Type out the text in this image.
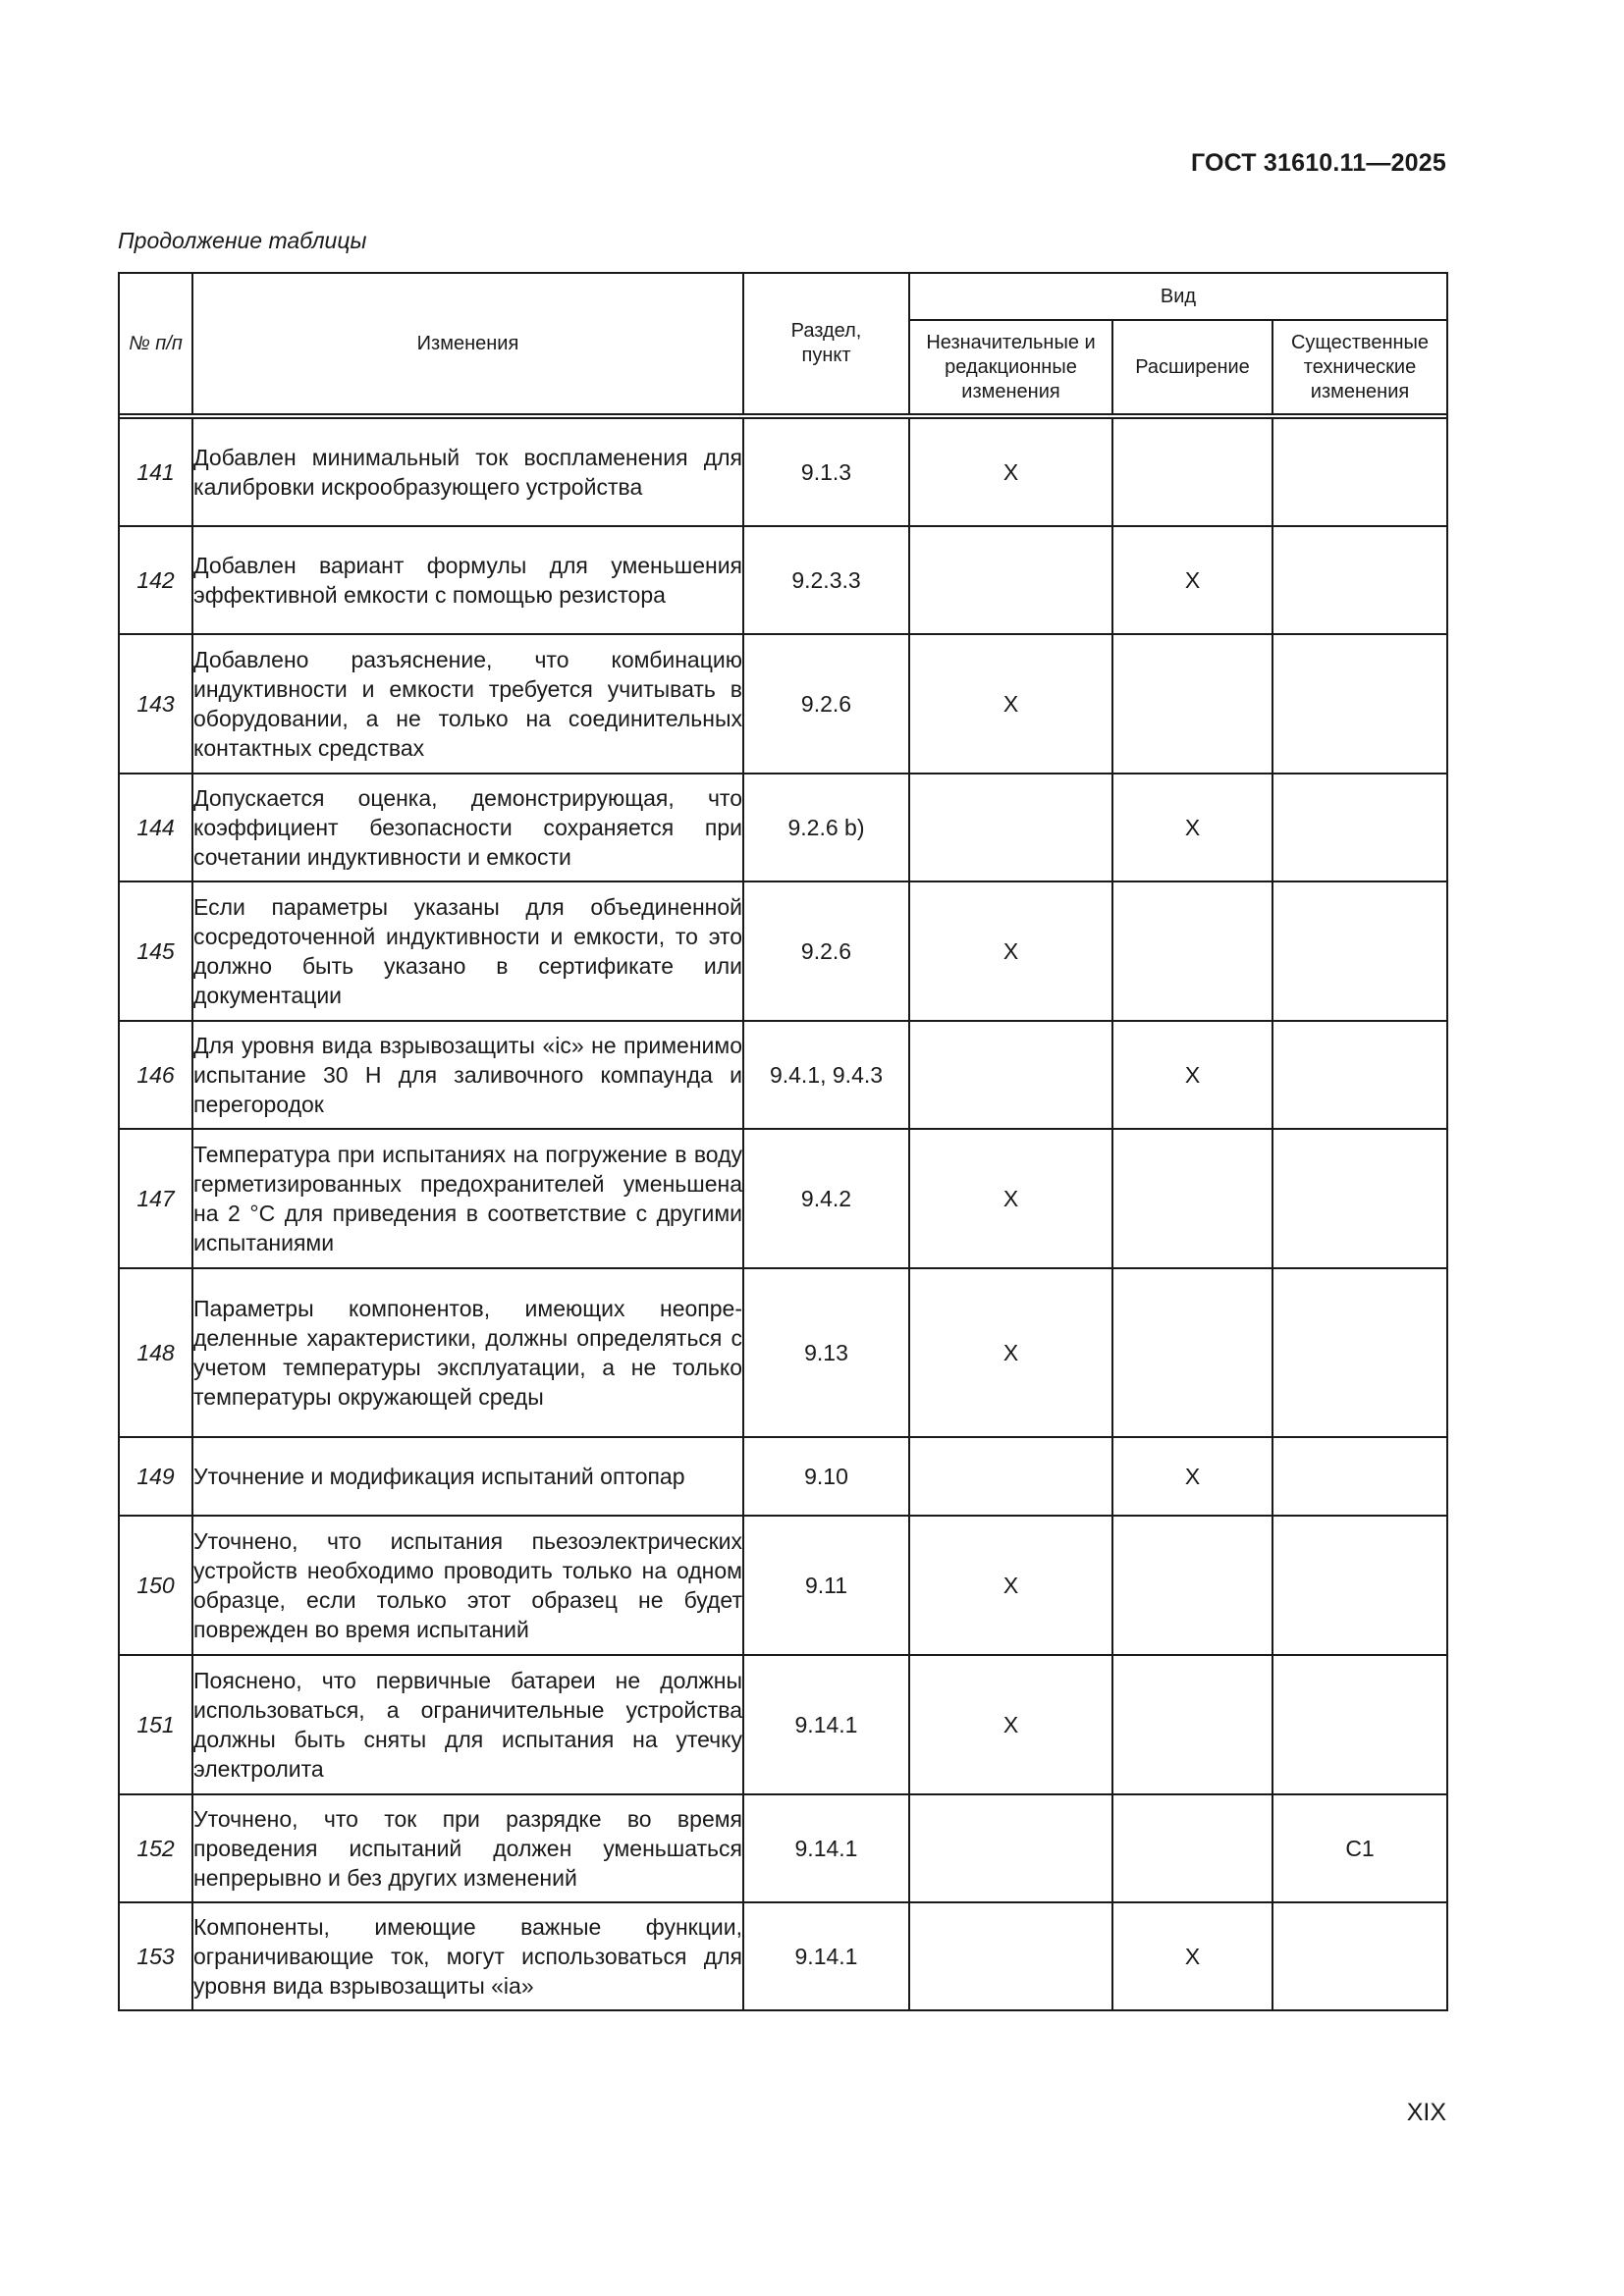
ГОСТ 31610.11—2025
Продолжение таблицы
№ п/п	Изменения	Раздел, пункт	Вид		
			Незначительные и редакционные изменения	Расширение	Существенные технические изменения

141	Добавлен минимальный ток воспламенения для калибровки искрообразующего устройства	9.1.3	X		
142	Добавлен вариант формулы для уменьшения эффективной емкости с помощью резистора	9.2.3.3		X	
143	Добавлено разъяснение, что комбинацию индуктивности и емкости требуется учитывать в оборудовании, а не только на соединительных контактных средствах	9.2.6	X		
144	Допускается оценка, демонстрирующая, что коэффициент безопасности сохраняется при сочетании индуктивности и емкости	9.2.6 b)		X	
145	Если параметры указаны для объединенной сосредоточенной индуктивности и емкости, то это должно быть указано в сертификате или документации	9.2.6	X		
146	Для уровня вида взрывозащиты «ic» не применимо испытание 30 Н для заливочного компаунда и перегородок	9.4.1, 9.4.3		X	
147	Температура при испытаниях на погружение в воду герметизированных предохранителей уменьшена на 2 °С для приведения в соответствие с другими испытаниями	9.4.2	X		
148	Параметры компонентов, имеющих неопределенные характеристики, должны определяться с учетом температуры эксплуатации, а не только температуры окружающей среды	9.13	X		
149	Уточнение и модификация испытаний оптопар	9.10		X	
150	Уточнено, что испытания пьезоэлектрических устройств необходимо проводить только на одном образце, если только этот образец не будет поврежден во время испытаний	9.11	X		
151	Пояснено, что первичные батареи не должны использоваться, а ограничительные устройства должны быть сняты для испытания на утечку электролита	9.14.1	X		
152	Уточнено, что ток при разрядке во время проведения испытаний должен уменьшаться непрерывно и без других изменений	9.14.1			C1
153	Компоненты, имеющие важные функции, ограничивающие ток, могут использоваться для уровня вида взрывозащиты «ia»	9.14.1		X	
XIX
